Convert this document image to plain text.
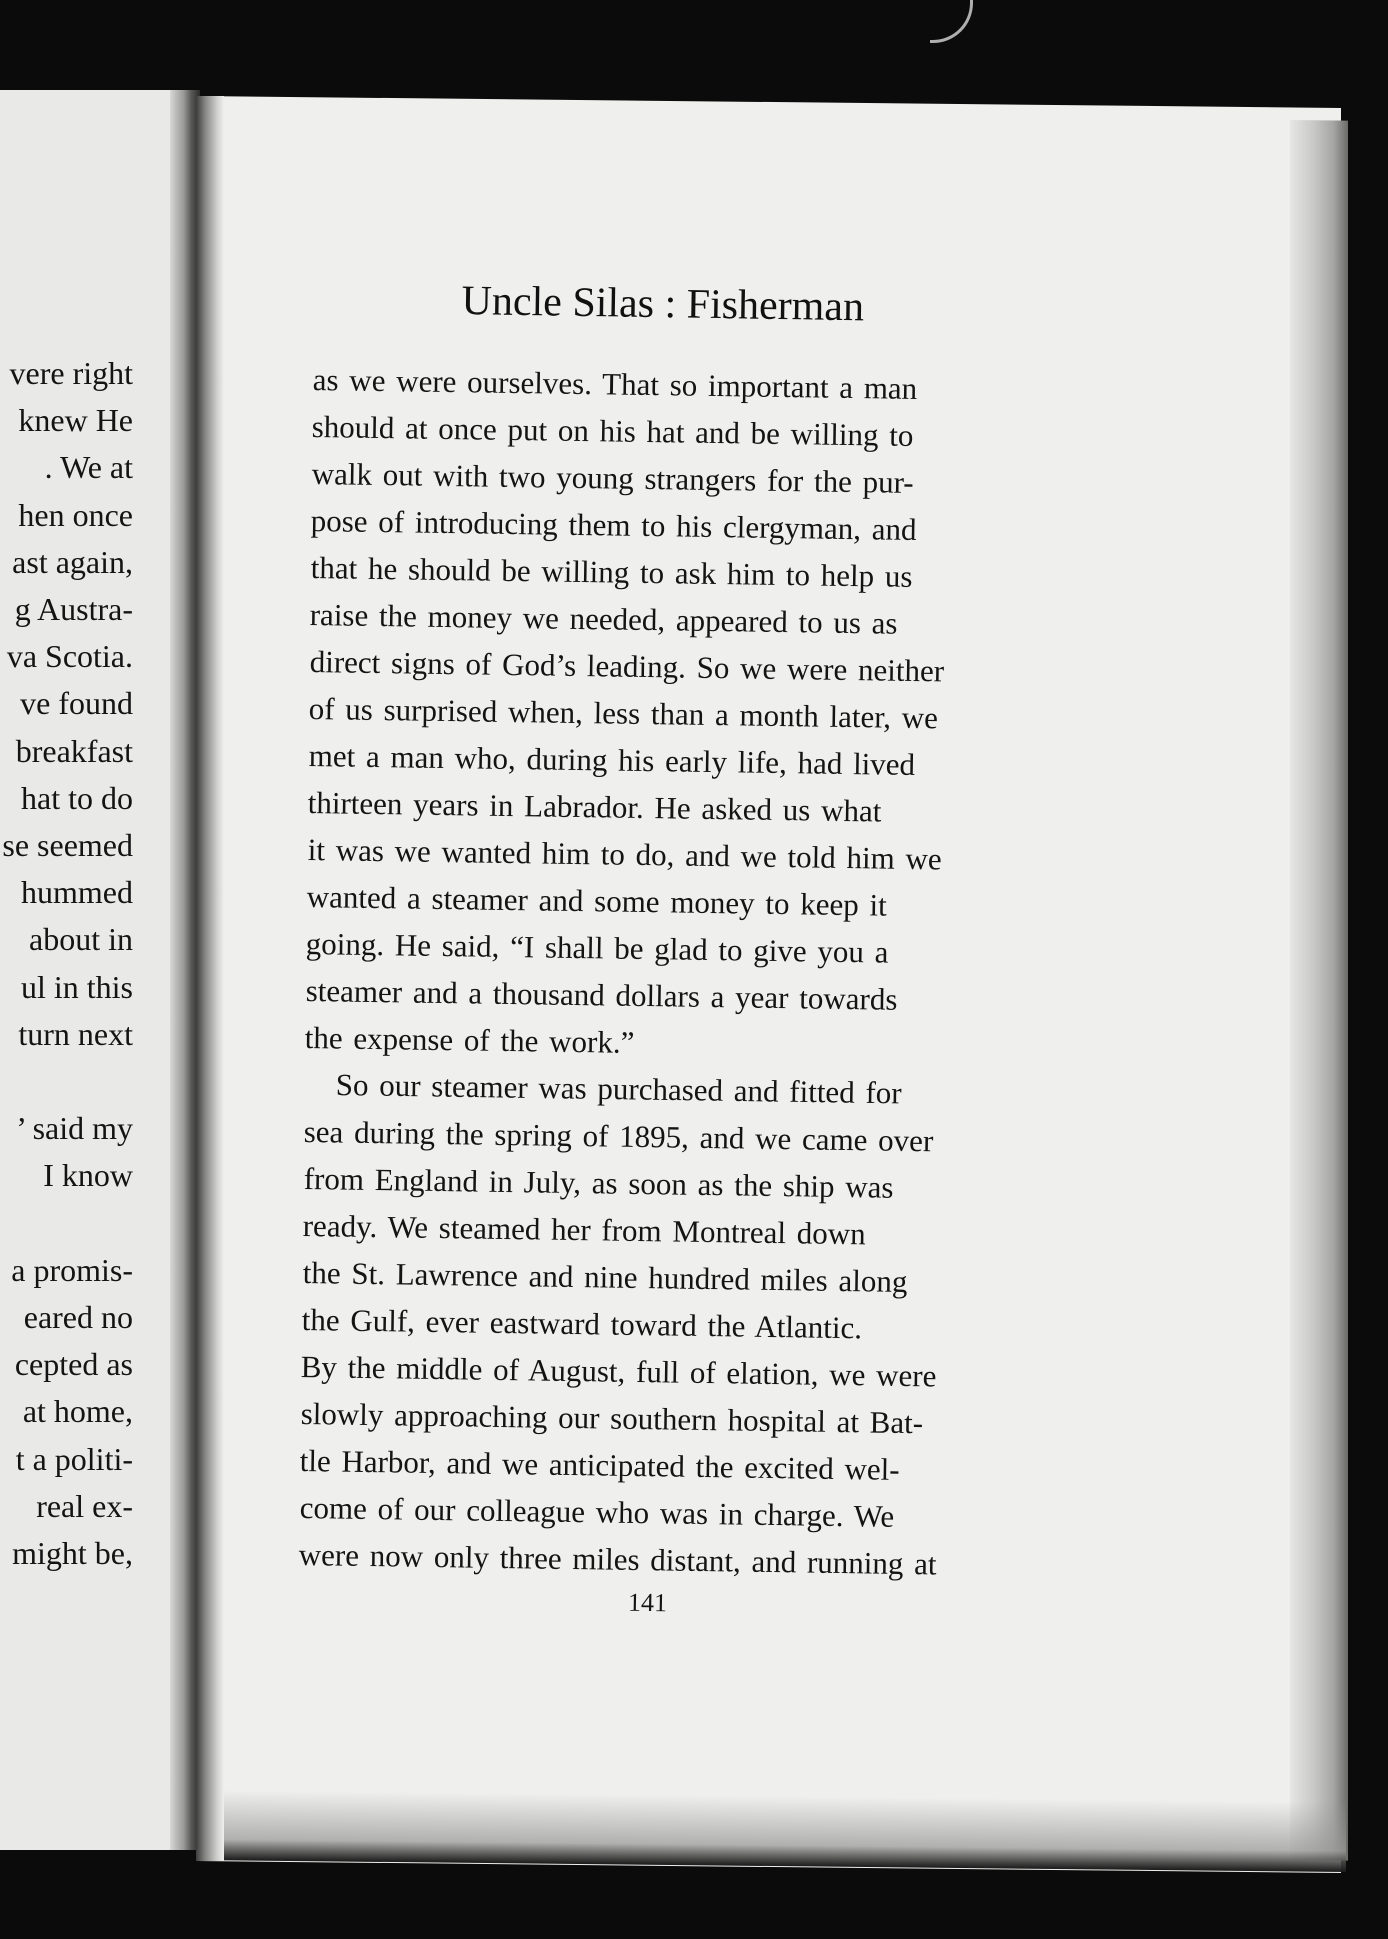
vere right
knew He
. We at
hen once
ast again,
g Austra-
va Scotia.
ve found
breakfast
hat to do
se seemed
hummed
about in
ul in this
turn next
’ said my
I know
a promis-
eared no
cepted as
at home,
t a politi-
real ex-
might be,
Uncle Silas : Fisherman
as we were ourselves. That so important a man
should at once put on his hat and be willing to
walk out with two young strangers for the pur-
pose of introducing them to his clergyman, and
that he should be willing to ask him to help us
raise the money we needed, appeared to us as
direct signs of God’s leading. So we were neither
of us surprised when, less than a month later, we
met a man who, during his early life, had lived
thirteen years in Labrador. He asked us what
it was we wanted him to do, and we told him we
wanted a steamer and some money to keep it
going. He said, “I shall be glad to give you a
steamer and a thousand dollars a year towards
the expense of the work.”
So our steamer was purchased and fitted for
sea during the spring of 1895, and we came over
from England in July, as soon as the ship was
ready. We steamed her from Montreal down
the St. Lawrence and nine hundred miles along
the Gulf, ever eastward toward the Atlantic.
By the middle of August, full of elation, we were
slowly approaching our southern hospital at Bat-
tle Harbor, and we anticipated the excited wel-
come of our colleague who was in charge. We
were now only three miles distant, and running at
141
